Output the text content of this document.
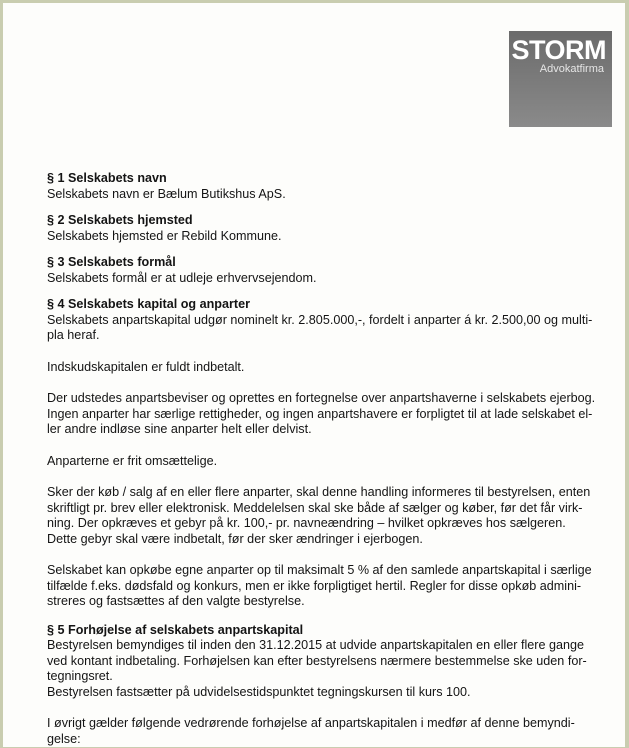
STORM
Advokatfirma
§ 1 Selskabets navn

Selskabets navn er Bælum Butikshus ApS.

§ 2 Selskabets hjemsted

Selskabets hjemsted er Rebild Kommune.

§ 3 Selskabets formål

Selskabets formål er at udleje erhvervsejendom.

§ 4 Selskabets kapital og anparter

Selskabets anpartskapital udgør nominelt kr. 2.805.000,-, fordelt i anparter á kr. 2.500,00 og multi-

pla heraf.

Indskudskapitalen er fuldt indbetalt.

Der udstedes anpartsbeviser og oprettes en fortegnelse over anpartshaverne i selskabets ejerbog.

Ingen anparter har særlige rettigheder, og ingen anpartshavere er forpligtet til at lade selskabet el-

ler andre indløse sine anparter helt eller delvist.

Anparterne er frit omsættelige.

Sker der køb / salg af en eller flere anparter, skal denne handling informeres til bestyrelsen, enten

skriftligt pr. brev eller elektronisk. Meddelelsen skal ske både af sælger og køber, før det får virk-

ning. Der opkræves et gebyr på kr. 100,- pr. navneændring – hvilket opkræves hos sælgeren.

Dette gebyr skal være indbetalt, før der sker ændringer i ejerbogen.

Selskabet kan opkøbe egne anparter op til maksimalt 5 % af den samlede anpartskapital i særlige

tilfælde f.eks. dødsfald og konkurs, men er ikke forpligtiget hertil. Regler for disse opkøb admini-

streres og fastsættes af den valgte bestyrelse.

§ 5 Forhøjelse af selskabets anpartskapital

Bestyrelsen bemyndiges til inden den 31.12.2015 at udvide anpartskapitalen en eller flere gange

ved kontant indbetaling. Forhøjelsen kan efter bestyrelsens nærmere bestemmelse ske uden for-

tegningsret.

Bestyrelsen fastsætter på udvidelsestidspunktet tegningskursen til kurs 100.

I øvrigt gælder følgende vedrørende forhøjelse af anpartskapitalen i medfør af denne bemyndi-

gelse:
